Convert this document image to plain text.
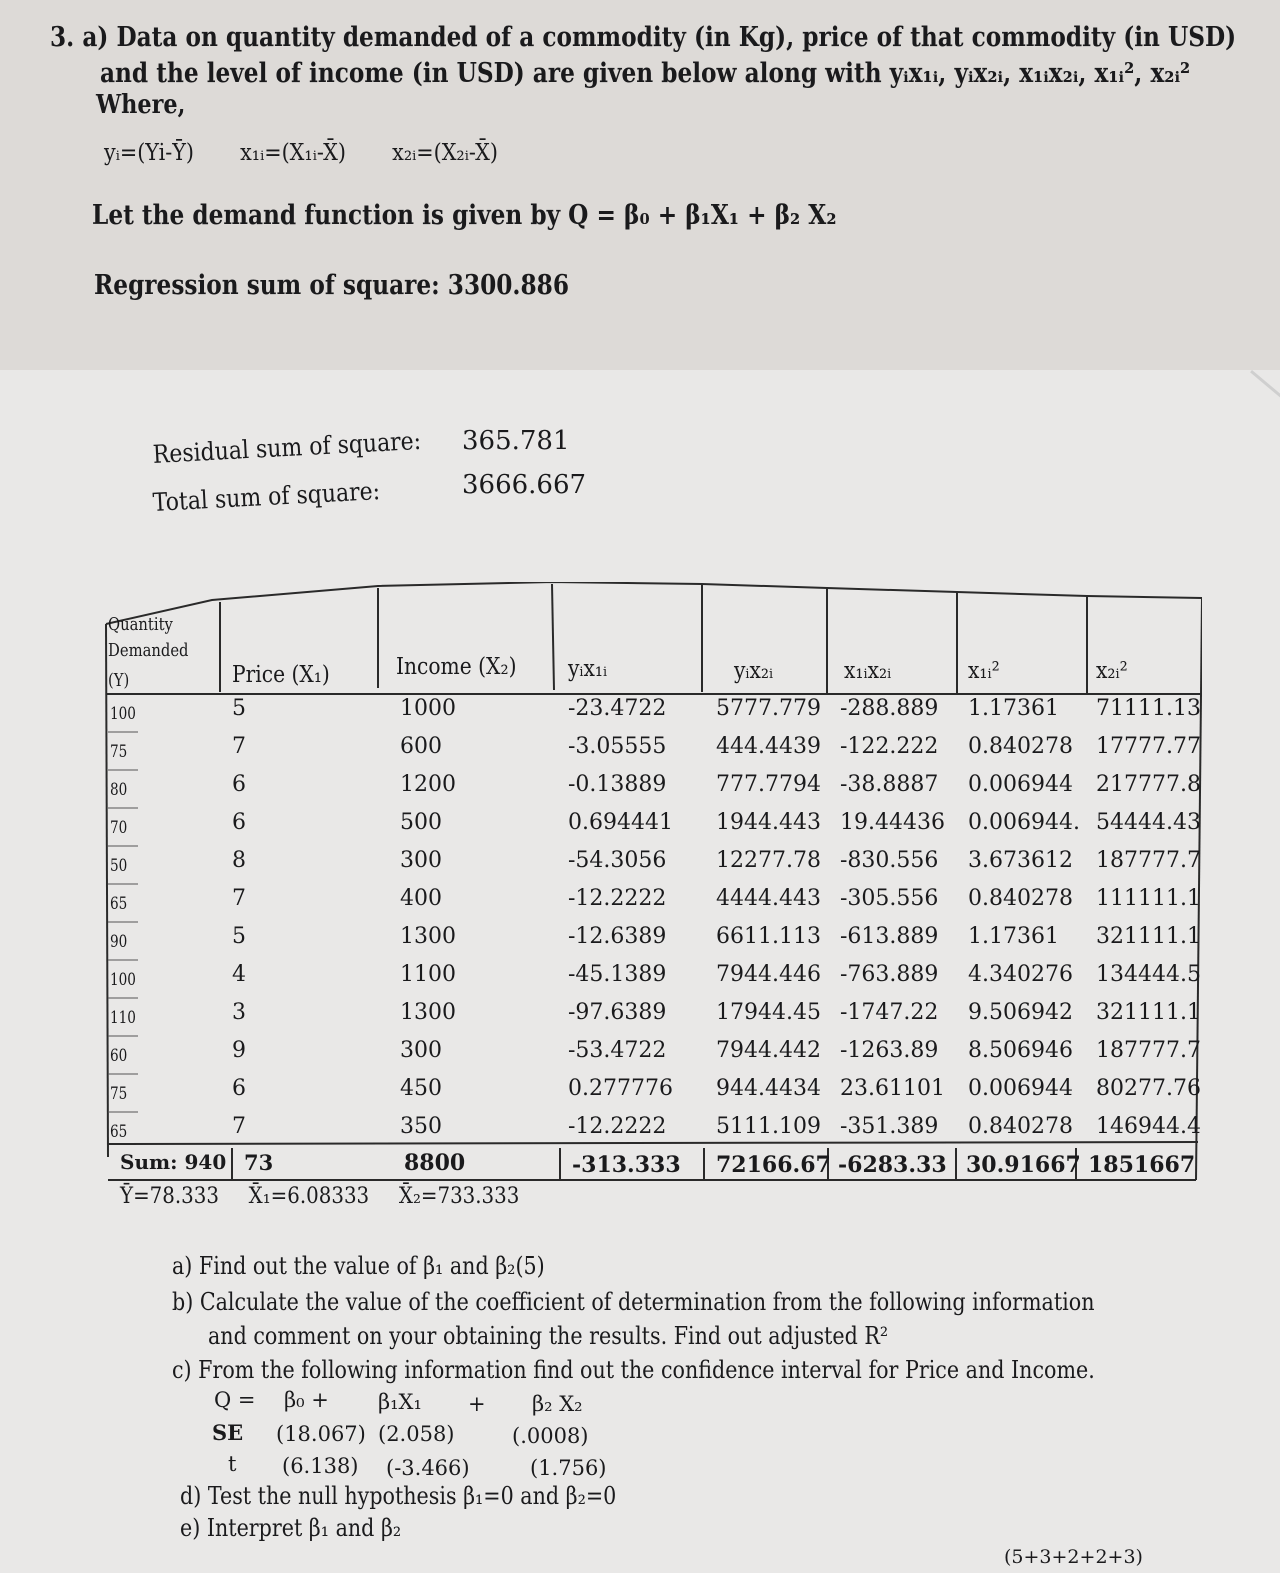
3. a) Data on quantity demanded of a commodity (in Kg), price of that commodity (in USD)
and the level of income (in USD) are given below along with yᵢx₁ᵢ, yᵢx₂ᵢ, x₁ᵢx₂ᵢ, x₁ᵢ², x₂ᵢ²
Where,
yᵢ=(Yi-Ȳ) x₁ᵢ=(X₁ᵢ-X̄) x₂ᵢ=(X₂ᵢ-X̄)
Let the demand function is given by Q = β₀ + β₁X₁ + β₂ X₂
Regression sum of square: 3300.886
Residual sum of square:
Total sum of square:
365.781
3666.667
Quantity
Demanded
(Y)	Price (X₁)	Income (X₂) yᵢx₁ᵢ	yᵢx₂ᵢ	x₁ᵢx₂ᵢ	x₁ᵢ²	x₂ᵢ²
100	5	1000	-23.4722 5777.779 -288.889 1.17361 71111.13
75	7	600	-3.05555 444.4439 -122.222 0.840278 17777.77
80	6	1200	-0.13889 777.7794 -38.8887 0.006944 217777.8
70	6	500	0.694441 1944.443 19.44436 0.006944. 54444.43
50	8	300	-54.3056 12277.78 -830.556 3.673612 187777.7
65	7	400	-12.2222 4444.443 -305.556 0.840278 111111.1
90	5	1300	-12.6389 6611.113 -613.889 1.17361 321111.1
100	4	1100	-45.1389 7944.446 -763.889 4.340276 134444.5
110	3	1300	-97.6389 17944.45 -1747.22 9.506942 321111.1
60	9	300	-53.4722 7944.442 -1263.89 8.506946 187777.7
75	6	450	0.277776 944.4434 23.61101 0.006944 80277.76
65	7	350	-12.2222 5111.109 -351.389 0.840278 146944.4
Sum: 940 73	8800	-313.333 72166.67 -6283.33 30.91667 1851667
Ȳ=78.333 X̄₁=6.08333 X̄₂=733.333
a) Find out the value of β₁ and β₂(5)
b) Calculate the value of the coefficient of determination from the following information
and comment on your obtaining the results. Find out adjusted R²
c) From the following information find out the confidence interval for Price and Income.
Q = β₀ + β₁X₁ + β₂ X₂
SE (18.067) (2.058)	(.0008)
t (6.138) (-3.466)	(1.756)
d) Test the null hypothesis β₁=0 and β₂=0
e) Interpret β₁ and β₂
(5+3+2+2+3)
